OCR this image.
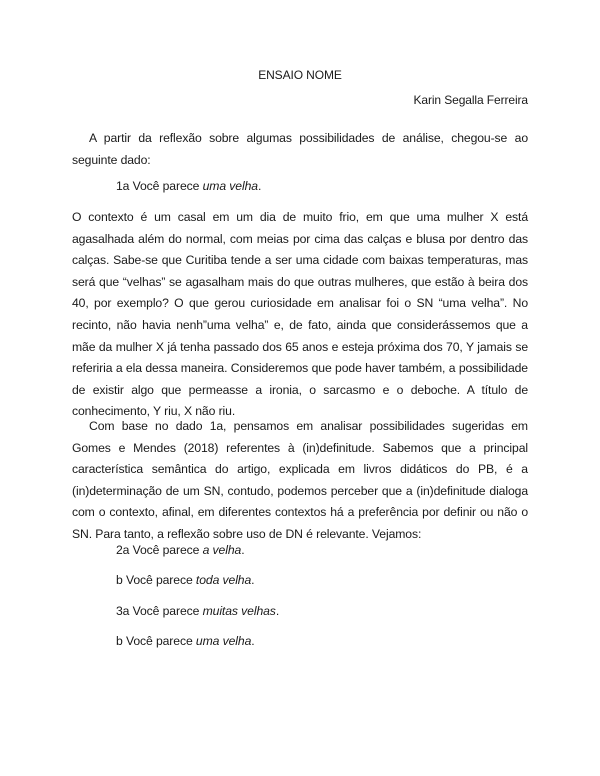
ENSAIO NOME
Karin Segalla Ferreira
A partir da reflexão sobre algumas possibilidades de análise, chegou-se ao seguinte dado:
1a Você parece uma velha.
O contexto é um casal em um dia de muito frio, em que uma mulher X está agasalhada além do normal, com meias por cima das calças e blusa por dentro das calças. Sabe-se que Curitiba tende a ser uma cidade com baixas temperaturas, mas será que “velhas” se agasalham mais do que outras mulheres, que estão à beira dos 40, por exemplo? O que gerou curiosidade em analisar foi o SN “uma velha”. No recinto, não havia nenh”uma velha” e, de fato, ainda que considerássemos que a mãe da mulher X já tenha passado dos 65 anos e esteja próxima dos 70, Y jamais se referiria a ela dessa maneira. Consideremos que pode haver também, a possibilidade de existir algo que permeasse a ironia, o sarcasmo e o deboche. A título de conhecimento, Y riu, X não riu.
Com base no dado 1a, pensamos em analisar possibilidades sugeridas em Gomes e Mendes (2018) referentes à (in)definitude. Sabemos que a principal característica semântica do artigo, explicada em livros didáticos do PB, é a (in)determinação de um SN, contudo, podemos perceber que a (in)definitude dialoga com o contexto, afinal, em diferentes contextos há a preferência por definir ou não o SN. Para tanto, a reflexão sobre uso de DN é relevante. Vejamos:
2a Você parece a velha.
b Você parece toda velha.
3a Você parece muitas velhas.
b Você parece uma velha.
